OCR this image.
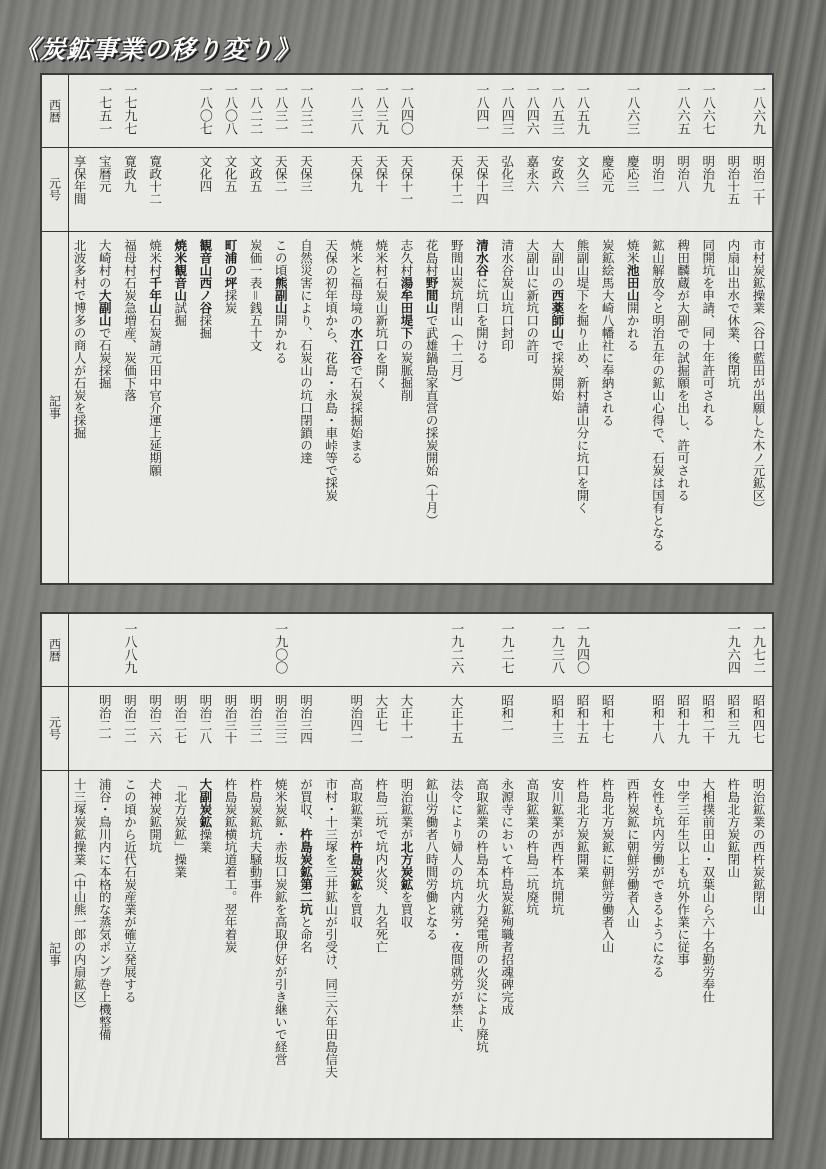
《炭鉱事業の移り変り》
西暦
元号
記事
一八六九
明治二十
市村炭鉱操業（谷口藍田が出願した木ノ元鉱区）
明治十五
内扇山出水で休業、後閉坑
一八六七
明治九
同開坑を申請、同十年許可される
一八六五
明治八
稗田麟蔵が大副での試掘願を出し、許可される
明治二
鉱山解放令と明治五年の鉱山心得で、石炭は国有となる
一八六三
慶応三
焼米池田山開かれる
慶応元
炭鉱絵馬大崎八幡社に奉納される
一八五九
文久三
熊副山堤下を掘り止め、新村請山分に坑口を開く
一八五三
安政六
大副山の西薬師山で採炭開始
一八四六
嘉永六
大副山に新坑口の許可
一八四三
弘化三
清水谷炭山坑口封印
一八四一
天保十四
清水谷に坑口を開ける
天保十二
野間山炭坑閉山（十二月）
花島村野間山で武雄鍋島家直営の採炭開始（十月）
一八四〇
天保十一
志久村湯牟田堤下の炭脈掘削
一八三九
天保十
焼米村石炭山新坑口を開く
一八三八
天保九
焼米と福母境の水江谷で石炭採掘始まる
天保の初年頃から、花島・永島・車峠等で採炭
一八三二
天保三
自然災害により、石炭山の坑口閉鎖の達
一八三一
天保二
この頃熊副山開かれる
一八二二
文政五
炭価一表＝銭五十文
一八〇八
文化五
町浦の坪採炭
一八〇七
文化四
観音山西ノ谷採掘
焼米観音山試掘
寛政十二
焼米村千年山石炭請元田中官介運上延期願
一七九七
寛政九
福母村石炭急増産、炭価下落
一七五一
宝暦元
大崎村の大副山で石炭採掘
享保年間
北波多村で博多の商人が石炭を採掘
西暦
元号
記事
一九七二
昭和四七
明治鉱業の西杵炭鉱閉山
一九六四
昭和三九
杵島北方炭鉱閉山
昭和二十
大相撲前田山・双葉山ら六十名勤労奉仕
昭和十九
中学三年生以上も坑外作業に従事
昭和十八
女性も坑内労働ができるようになる
西杵炭鉱に朝鮮労働者入山
昭和十七
杵島北方炭鉱に朝鮮労働者入山
一九四〇
昭和十五
杵島北方炭鉱開業
一九三八
昭和十三
安川鉱業が西杵本坑開坑
高取鉱業の杵島二坑廃坑
一九二七
昭和二
永源寺において杵島炭鉱殉職者招魂碑完成
高取鉱業の杵島本坑火力発電所の火災により廃坑
一九二六
大正十五
法令により婦人の坑内就労・夜間就労が禁止、
鉱山労働者八時間労働となる
大正十一
明治鉱業が北方炭鉱を買収
大正七
杵島二坑で坑内火災、九名死亡
明治四二
高取鉱業が杵島炭鉱を買収
市村・十三塚を三井鉱山が引受け、同三六年田島信夫
明治三四
が買収、杵島炭鉱第二坑と命名
一九〇〇
明治三三
焼米炭鉱・赤坂口炭鉱を高取伊好が引き継いで経営
明治三二
杵島炭鉱坑夫騒動事件
明治三十
杵島炭鉱横坑道着工。翌年着炭
明治二八
大副炭鉱操業
明治二七
「北方炭鉱」操業
明治二六
犬神炭鉱開坑
一八八九
明治二二
この頃から近代石炭産業が確立発展する
明治二一
浦谷・鳥川内に本格的な蒸気ポンプ巻上機整備
十三塚炭鉱操業（中山熊一郎の内扇鉱区）
